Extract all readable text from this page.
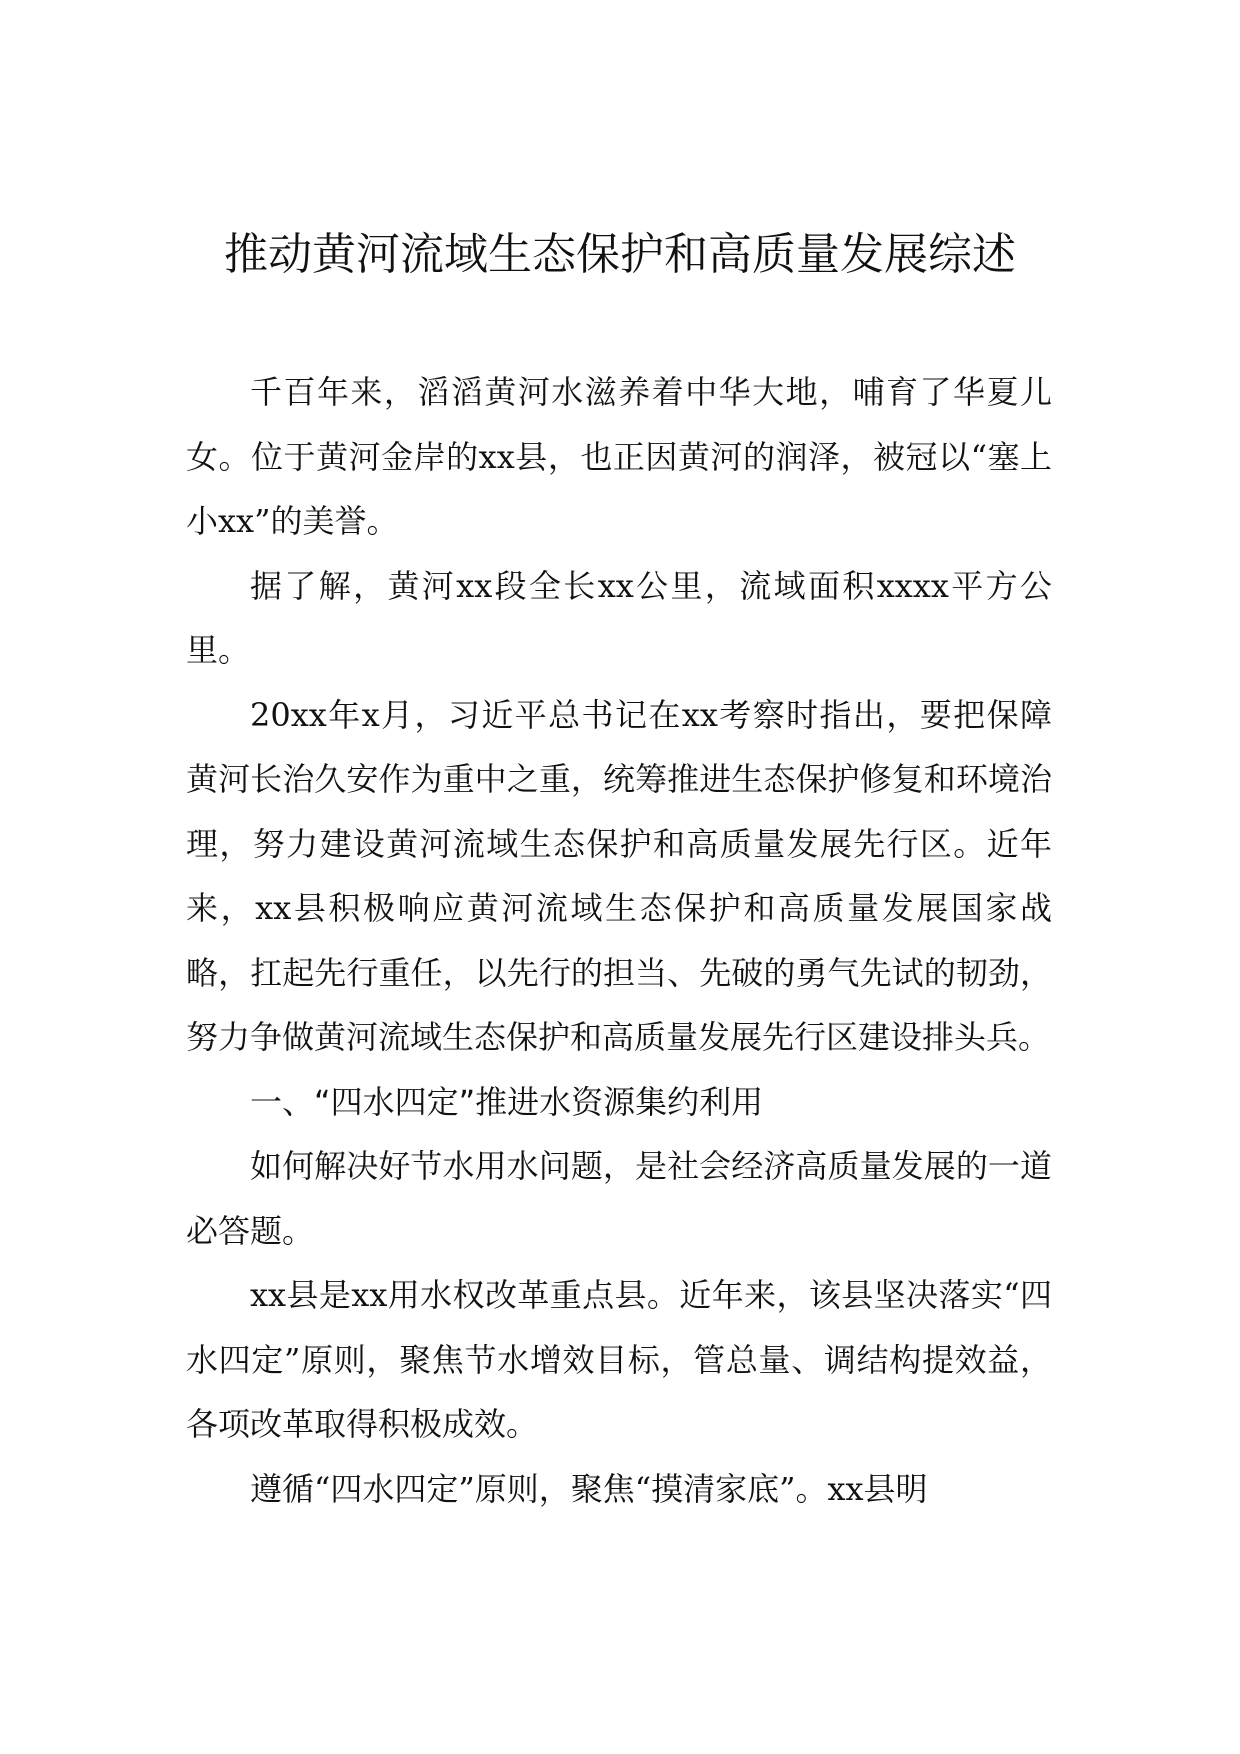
推动黄河流域生态保护和高质量发展综述

千百年来，滔滔黄河水滋养着中华大地，哺育了华夏儿女。位于黄河金岸的xx县，也正因黄河的润泽，被冠以“塞上小xx”的美誉。

据了解，黄河xx段全长xx公里，流域面积xxxx平方公里。

20xx年x月，习近平总书记在xx考察时指出，要把保障黄河长治久安作为重中之重，统筹推进生态保护修复和环境治理，努力建设黄河流域生态保护和高质量发展先行区。近年来，xx县积极响应黄河流域生态保护和高质量发展国家战略，扛起先行重任，以先行的担当、先破的勇气先试的韧劲，努力争做黄河流域生态保护和高质量发展先行区建设排头兵。

一、“四水四定”推进水资源集约利用

如何解决好节水用水问题，是社会经济高质量发展的一道必答题。

xx县是xx用水权改革重点县。近年来，该县坚决落实“四水四定”原则，聚焦节水增效目标，管总量、调结构提效益，各项改革取得积极成效。

遵循“四水四定”原则，聚焦“摸清家底”。xx县明
